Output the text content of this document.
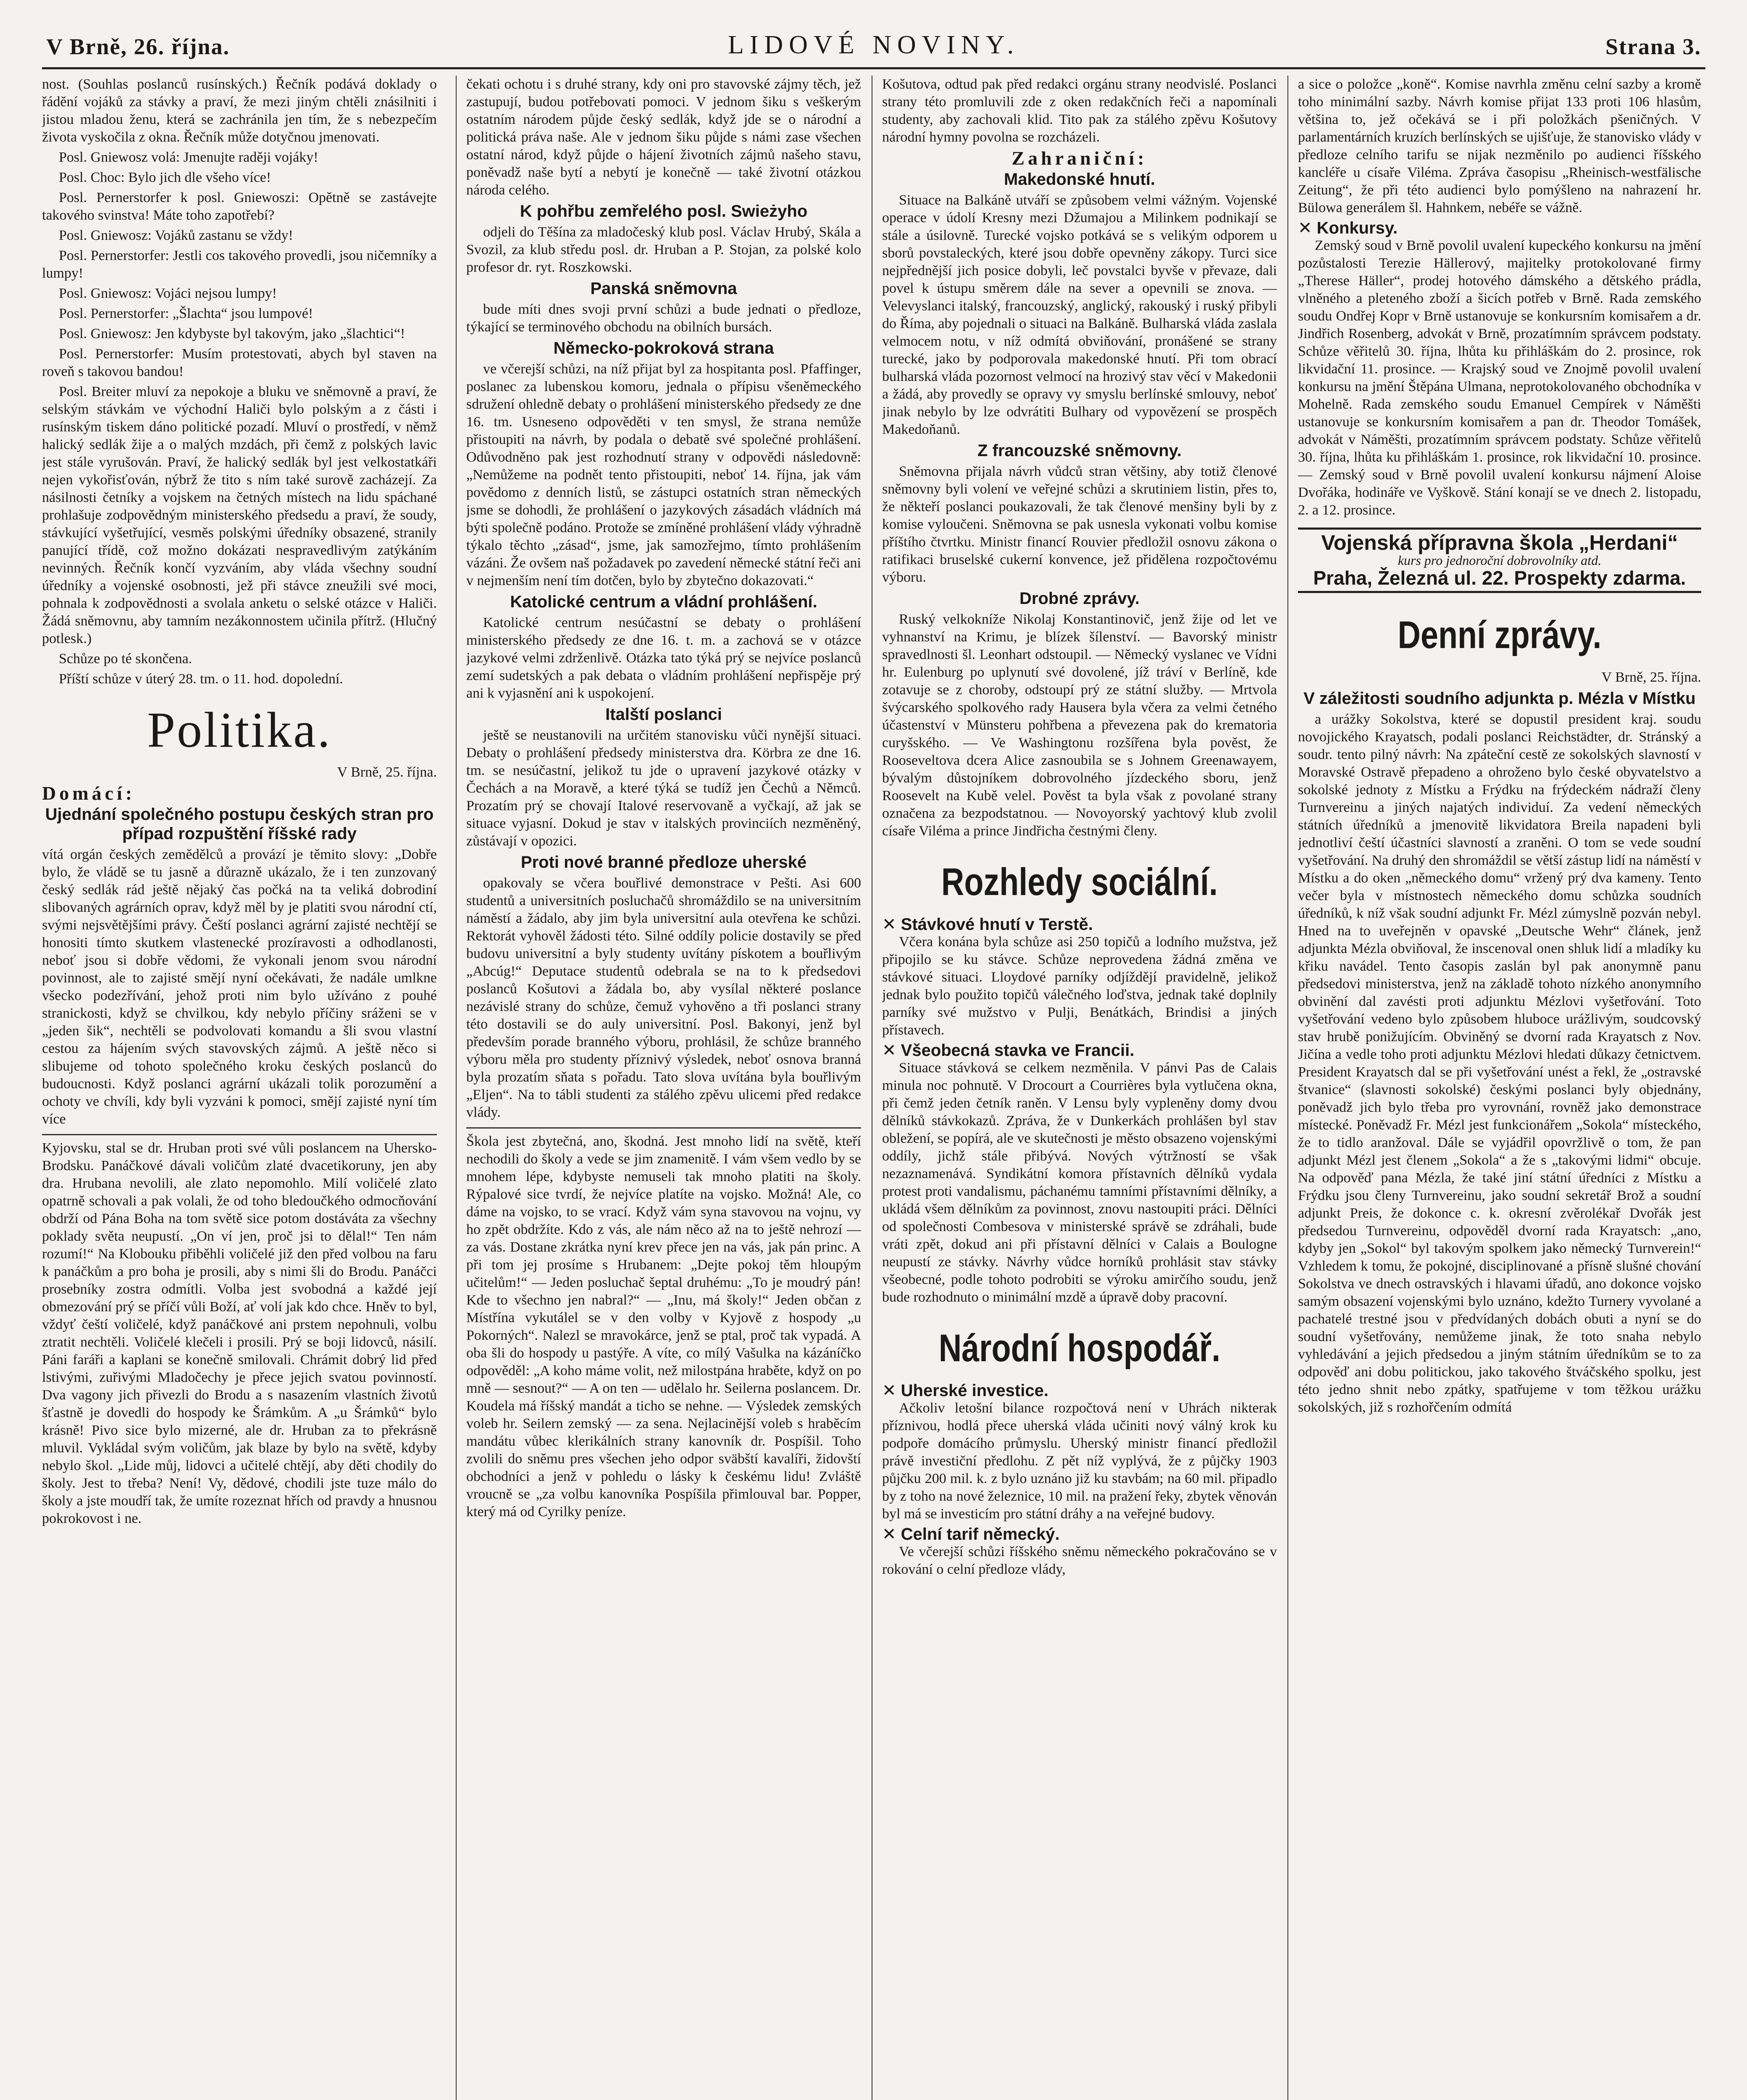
V Brně, 26. října.	LIDOVÉ NOVINY.	Strana 3.

nost. (Souhlas poslanců rusínských.) Řečník podává doklady o řádění vojáků za stávky a praví, že mezi jiným chtěli znásilniti i jistou mladou ženu, která se zachránila jen tím, že s nebezpečím života vyskočila z okna. Řečník může dotyčnou jmenovati.

Posl. Gniewosz volá: Jmenujte raději vojáky!

Posl. Choc: Bylo jich dle všeho více!

Posl. Pernerstorfer k posl. Gniewoszi: Opětně se zastávejte takového svinstva! Máte toho zapotřebí?

Posl. Gniewosz: Vojáků zastanu se vždy!

Posl. Pernerstorfer: Jestli cos takového provedli, jsou ničemníky a lumpy!

Posl. Gniewosz: Vojáci nejsou lumpy!

Posl. Pernerstorfer: „Šlachta“ jsou lumpové!

Posl. Gniewosz: Jen kdybyste byl takovým, jako „šlachtici“!

Posl. Pernerstorfer: Musím protestovati, abych byl staven na roveň s takovou bandou!

Posl. Breiter mluví za nepokoje a bluku ve sněmovně a praví, že selským stávkám ve východní Haliči bylo polským a z části i rusínským tiskem dáno politické pozadí. Mluví o prostředí, v němž halický sedlák žije a o malých mzdách, při čemž z polských lavic jest stále vyrušován. Praví, že halický sedlák byl jest velkostatkáři nejen vykořisťován, nýbrž že tito s ním také surově zacházejí. Za násilnosti četníky a vojskem na četných místech na lidu spáchané prohlašuje zodpovědným ministerského předsedu a praví, že soudy, stávkující vyšetřující, vesměs polskými úředníky obsazené, stranily panující třídě, což možno dokázati nespravedlivým zatýkáním nevinných. Řečník končí vyzváním, aby vláda všechny soudní úředníky a vojenské osobnosti, jež při stávce zneužili své moci, pohnala k zodpovědnosti a svolala anketu o selské otázce v Haliči. Žádá sněmovnu, aby tamním nezákonnostem učinila přítrž. (Hlučný potlesk.)

Schůze po té skončena.

Příští schůze v úterý 28. tm. o 11. hod. dopolední.

Politika.
V Brně, 25. října.
Domácí:
Ujednání společného postupu českých stran pro případ rozpuštění říšské rady

vítá orgán českých zemědělců a provází je těmito slovy: „Dobře bylo, že vládě se tu jasně a důrazně ukázalo, že i ten zunzovaný český sedlák rád ještě nějaký čas počká na ta veliká dobrodiní slibovaných agrárních oprav, když měl by je platiti svou národní ctí, svými nejsvětějšími právy. Čeští poslanci agrární zajisté nechtějí se honositi tímto skutkem vlastenecké prozíravosti a odhodlanosti, neboť jsou si dobře vědomi, že vykonali jenom svou národní povinnost, ale to zajisté smějí nyní očekávati, že nadále umlkne všecko podezřívání, jehož proti nim bylo užíváno z pouhé stranickosti, když se chvilkou, kdy nebylo příčiny sráženi se v „jeden šik“, nechtěli se podvolovati komandu a šli svou vlastní cestou za hájením svých stavovských zájmů. A ještě něco si slibujeme od tohoto společného kroku českých poslanců do budoucnosti. Když poslanci agrární ukázali tolik porozumění a ochoty ve chvíli, kdy byli vyzváni k pomoci, smějí zajisté nyní tím více

Kyjovsku, stal se dr. Hruban proti své vůli poslancem na Uhersko-Brodsku. Panáčkové dávali voličům zlaté dvacetikoruny, jen aby dra. Hrubana nevolili, ale zlato nepomohlo. Milí voličelé zlato opatrně schovali a pak volali, že od toho bledoučkého odmocňování obdrží od Pána Boha na tom světě sice potom dostáváta za všechny poklady světa neupustí. „On ví jen, proč jsi to dělal!“ Ten nám rozumí!“ Na Klobouku přiběhli voličelé již den před volbou na faru k panáčkům a pro boha je prosili, aby s nimi šli do Brodu. Panáčci prosebníky zostra odmítli. Volba jest svobodná a každé její obmezování prý se příčí vůli Boží, ať volí jak kdo chce. Hněv to byl, vždyť čeští voličelé, když panáčkové ani prstem nepohnuli, volbu ztratit nechtěli. Voličelé klečeli i prosili. Prý se boji lidovců, násilí. Páni faráři a kaplani se konečně smilovali. Chrámit dobrý lid před lstivými, zuřivými Mladočechy je přece jejich svatou povinností. Dva vagony jich přivezli do Brodu a s nasazením vlastních životů šťastně je dovedli do hospody ke Šrámkům. A „u Šrámků“ bylo krásně! Pivo sice bylo mizerné, ale dr. Hruban za to překrásně mluvil. Vykládal svým voličům, jak blaze by bylo na světě, kdyby nebylo škol. „Lide můj, lidovci a učitelé chtějí, aby děti chodily do školy. Jest to třeba? Není! Vy, dědové, chodili jste tuze málo do školy a jste moudří tak, že umíte rozeznat hřích od pravdy a hnusnou pokrokovost i ne.

čekati ochotu i s druhé strany, kdy oni pro stavovské zájmy těch, jež zastupují, budou potřebovati pomoci. V jednom šiku s veškerým ostatním národem půjde český sedlák, když jde se o národní a politická práva naše. Ale v jednom šiku půjde s námi zase všechen ostatní národ, když půjde o hájení životních zájmů našeho stavu, poněvadž naše bytí a nebytí je konečně — také životní otázkou národa celého.

K pohřbu zemřelého posl. Swieżyho

odjeli do Těšína za mladočeský klub posl. Václav Hrubý, Skála a Svozil, za klub středu posl. dr. Hruban a P. Stojan, za polské kolo profesor dr. ryt. Roszkowski.

Panská sněmovna

bude míti dnes svoji první schůzi a bude jednati o předloze, týkající se terminového obchodu na obilních bursách.

Německo-pokroková strana

ve včerejší schůzi, na níž přijat byl za hospitanta posl. Pfaffinger, poslanec za lubenskou komoru, jednala o přípisu všeněmeckého sdružení ohledně debaty o prohlášení ministerského předsedy ze dne 16. tm. Usneseno odpověděti v ten smysl, že strana nemůže přistoupiti na návrh, by podala o debatě své společné prohlášení. Odůvodněno pak jest rozhodnutí strany v odpovědi následovně: „Nemůžeme na podnět tento přistoupiti, neboť 14. října, jak vám povědomo z denních listů, se zástupci ostatních stran německých jsme se dohodli, že prohlášení o jazykových zásadách vládních má býti společně podáno. Protože se zmíněné prohlášení vlády výhradně týkalo těchto „zásad“, jsme, jak samozřejmo, tímto prohlášením vázáni. Že ovšem naš požadavek po zavedení německé státní řeči ani v nejmenším není tím dotčen, bylo by zbytečno dokazovati.“

Katolické centrum a vládní prohlášení.

Katolické centrum nesúčastní se debaty o prohlášení ministerského předsedy ze dne 16. t. m. a zachová se v otázce jazykové velmi zdrženlivě. Otázka tato týká prý se nejvíce poslanců zemí sudetských a pak debata o vládním prohlášení nepřispěje prý ani k vyjasnění ani k uspokojení.

Italští poslanci

ještě se neustanovili na určitém stanovisku vůči nynější situaci. Debaty o prohlášení předsedy ministerstva dra. Körbra ze dne 16. tm. se nesúčastní, jelikož tu jde o upravení jazykové otázky v Čechách a na Moravě, a které týká se tudíž jen Čechů a Němců. Prozatím prý se chovají Italové reservovaně a vyčkají, až jak se situace vyjasní. Dokud je stav v italských provinciích nezměněný, zůstávají v opozici.

Proti nové branné předloze uherské

opakovaly se včera bouřlivé demonstrace v Pešti. Asi 600 studentů a universitních posluchačů shromáždilo se na universitním náměstí a žádalo, aby jim byla universitní aula otevřena ke schůzi. Rektorát vyhověl žádosti této. Silné oddíly policie dostavily se před budovu universitní a byly studenty uvítány pískotem a bouřlivým „Abcúg!“ Deputace studentů odebrala se na to k předsedovi poslanců Košutovi a žádala bo, aby vysílal některé poslance nezávislé strany do schůze, čemuž vyhověno a tři poslanci strany této dostavili se do auly universitní. Posl. Bakonyi, jenž byl především porade branného výboru, prohlásil, že schůze branného výboru měla pro studenty příznivý výsledek, neboť osnova branná byla prozatím sňata s pořadu. Tato slova uvítána byla bouřlivým „Eljen“. Na to tábli studenti za stálého zpěvu ulicemi před redakce vlády.

Škola jest zbytečná, ano, škodná. Jest mnoho lidí na světě, kteří nechodili do školy a vede se jim znamenitě. I vám všem vedlo by se mnohem lépe, kdybyste nemuseli tak mnoho platiti na školy. Rýpalové sice tvrdí, že nejvíce platíte na vojsko. Možná! Ale, co dáme na vojsko, to se vrací. Když vám syna stavovou na vojnu, vy ho zpět obdržíte. Kdo z vás, ale nám něco až na to ještě nehrozí — za vás. Dostane zkrátka nyní krev přece jen na vás, jak pán princ. A při tom jej prosíme s Hrubanem: „Dejte pokoj těm hloupým učitelům!“ — Jeden posluchač šeptal druhému: „To je moudrý pán! Kde to všechno jen nabral?“ — „Inu, má školy!“ Jeden občan z Místřína vykutálel se v den volby v Kyjově z hospody „u Pokorných“. Nalezl se mravokárce, jenž se ptal, proč tak vypadá. A oba šli do hospody u pastýře. A víte, co mílý Vašulka na kázáníčko odpověděl: „A koho máme volit, než milostpána hraběte, když on po mně — sesnout?“ — A on ten — udělalo hr. Seilerna poslancem. Dr. Koudela má říšský mandát a ticho se nehne. — Výsledek zemských voleb hr. Seilern zemský — za sena. Nejlacinější voleb s hraběcím mandátu vůbec klerikálních strany kanovník dr. Pospíšil. Toho zvolili do sněmu pres všechen jeho odpor sväbští kavalíři, židovští obchodníci a jenž v pohledu o lásky k českému lidu! Zvláště vroucně se „za volbu kanovníka Pospíšila přimlouval bar. Popper, který má od Cyrilky peníze.

Košutova, odtud pak před redakci orgánu strany neodvislé. Poslanci strany této promluvili zde z oken redakčních řeči a napomínali studenty, aby zachovali klid. Tito pak za stálého zpěvu Košutovy národní hymny povolna se rozcházeli.

Zahraniční:
Makedonské hnutí.

Situace na Balkáně utváří se způsobem velmi vážným. Vojenské operace v údolí Kresny mezi Džumajou a Milinkem podnikají se stále a úsilovně. Turecké vojsko potkává se s velikým odporem u sborů povstaleckých, které jsou dobře opevněny zákopy. Turci sice nejpřednější jich posice dobyli, leč povstalci byvše v převaze, dali povel k ústupu směrem dále na sever a opevnili se znova. — Velevyslanci italský, francouzský, anglický, rakouský i ruský přibyli do Říma, aby pojednali o situaci na Balkáně. Bulharská vláda zaslala velmocem notu, v níž odmítá obviňování, pronášené se strany turecké, jako by podporovala makedonské hnutí. Při tom obrací bulharská vláda pozornost velmocí na hrozivý stav věcí v Makedonii a žádá, aby provedly se opravy vy smyslu berlínské smlouvy, neboť jinak nebylo by lze odvrátiti Bulhary od vypovězení se prospěch Makedoňanů.

Z francouzské sněmovny.

Sněmovna přijala návrh vůdců stran většiny, aby totiž členové sněmovny byli volení ve veřejné schůzi a skrutiniem listin, přes to, že někteří poslanci poukazovali, že tak členové menšiny byli by z komise vyloučeni. Sněmovna se pak usnesla vykonati volbu komise příštího čtvrtku. Ministr financí Rouvier předložil osnovu zákona o ratifikaci bruselské cukerní konvence, jež přidělena rozpočtovému výboru.

Drobné zprávy.

Ruský velkokníže Nikolaj Konstantinovič, jenž žije od let ve vyhnanství na Krimu, je blízek šílenství. — Bavorský ministr spravedlnosti šl. Leonhart odstoupil. — Německý vyslanec ve Vídni hr. Eulenburg po uplynutí své dovolené, jíž tráví v Berlíně, kde zotavuje se z choroby, odstoupí prý ze státní služby. — Mrtvola švýcarského spolkového rady Hausera byla včera za velmi četného účastenství v Münsteru pohřbena a převezena pak do krematoria curyšského. — Ve Washingtonu rozšířena byla pověst, že Rooseveltova dcera Alice zasnoubila se s Johnem Greenawayem, bývalým důstojníkem dobrovolného jízdeckého sboru, jenž Roosevelt na Kubě velel. Pověst ta byla však z povolané strany označena za bezpodstatnou. — Novoyorský yachtový klub zvolil císaře Viléma a prince Jindřicha čestnými členy.

Rozhledy sociální.
✕ Stávkové hnutí v Terstě.

Včera konána byla schůze asi 250 topičů a lodního mužstva, jež připojilo se ku stávce. Schůze neprovedena žádná změna ve stávkové situaci. Lloydové parníky odjíždějí pravidelně, jelikož jednak bylo použito topičů válečného loďstva, jednak také doplnily parníky své mužstvo v Pulji, Benátkách, Brindisi a jiných přístavech.

✕ Všeobecná stavka ve Francii.

Situace stávková se celkem nezměnila. V pánvi Pas de Calais minula noc pohnutě. V Drocourt a Courrières byla vytlučena okna, při čemž jeden četník raněn. V Lensu byly vypleněny domy dvou dělníků stávkokazů. Zpráva, že v Dunkerkách prohlášen byl stav obležení, se popírá, ale ve skutečnosti je město obsazeno vojenskými oddíly, jichž stále přibývá. Nových výtržností se však nezaznamenává. Syndikátní komora přístavních dělníků vydala protest proti vandalismu, páchanému tamními přístavními dělníky, a ukládá všem dělníkům za povinnost, znovu nastoupiti práci. Dělníci od společnosti Combesova v ministerské správě se zdráhali, bude vráti zpět, dokud ani při přístavní dělníci v Calais a Boulogne neupustí ze stávky. Návrhy vůdce horníků prohlásit stav stávky všeobecné, podle tohoto podrobiti se výroku amirčího soudu, jenž bude rozhodnuto o minimální mzdě a úpravě doby pracovní.

Národní hospodář.
✕ Uherské investice.

Ačkoliv letošní bilance rozpočtová není v Uhrách nikterak příznivou, hodlá přece uherská vláda učiniti nový válný krok ku podpoře domácího průmyslu. Uherský ministr financí předložil právě investiční předlohu. Z pět níž vyplývá, že z půjčky 1903 půjčku 200 mil. k. z bylo uznáno již ku stavbám; na 60 mil. připadlo by z toho na nové železnice, 10 mil. na pražení řeky, zbytek věnován byl má se investicím pro státní dráhy a na veřejné budovy.

✕ Celní tarif německý.

Ve včerejší schůzi říšského sněmu německého pokračováno se v rokování o celní předloze vlády,

a sice o položce „koně“. Komise navrhla změnu celní sazby a kromě toho minimální sazby. Návrh komise přijat 133 proti 106 hlasům, většina to, jež očekává se i při položkách pšeničných. V parlamentárních kruzích berlínských se ujišťuje, že stanovisko vlády v předloze celního tarifu se nijak nezměnilo po audienci říšského kancléře u císaře Viléma. Zpráva časopisu „Rheinisch-westfälische Zeitung“, že při této audienci bylo pomýšleno na nahrazení hr. Bülowa generálem šl. Hahnkem, nebéře se vážně.

✕ Konkursy.

Zemský soud v Brně povolil uvalení kupeckého konkursu na jmění pozůstalosti Terezie Hällerový, majitelky protokolované firmy „Therese Häller“, prodej hotového dámského a dětského prádla, vlněného a pleteného zboží a šicích potřeb v Brně. Rada zemského soudu Ondřej Kopr v Brně ustanovuje se konkursním komisařem a dr. Jindřich Rosenberg, advokát v Brně, prozatímním správcem podstaty. Schůze věřitelů 30. října, lhůta ku přihláškám do 2. prosince, rok likvidační 11. prosince. — Krajský soud ve Znojmě povolil uvalení konkursu na jmění Štěpána Ulmana, neprotokolovaného obchodníka v Mohelně. Rada zemského soudu Emanuel Cempírek v Náměšti ustanovuje se konkursním komisařem a pan dr. Theodor Tomášek, advokát v Náměšti, prozatímním správcem podstaty. Schůze věřitelů 30. října, lhůta ku přihláškám 1. prosince, rok likvidační 10. prosince. — Zemský soud v Brně povolil uvalení konkursu nájmení Aloise Dvořáka, hodináře ve Vyškově. Stání konají se ve dnech 2. listopadu, 2. a 12. prosince.

Vojenská přípravna škola „Herdani“
kurs pro jednoroční dobrovolníky atd.
Praha, Železná ul. 22. Prospekty zdarma.
Denní zprávy.
V Brně, 25. října.
V záležitosti soudního adjunkta p. Mézla v Místku

a urážky Sokolstva, které se dopustil president kraj. soudu novojického Krayatsch, podali poslanci Reichstädter, dr. Stránský a soudr. tento pilný návrh: Na zpáteční cestě ze sokolských slavností v Moravské Ostravě přepadeno a ohroženo bylo české obyvatelstvo a sokolské jednoty z Místku a Frýdku na frýdeckém nádraží členy Turnvereinu a jiných najatých individuí. Za vedení německých státních úředníků a jmenovitě likvidatora Breila napadeni byli jednotliví čeští účastníci slavností a zraněni. O tom se vede soudní vyšetřování. Na druhý den shromáždil se větší zástup lidí na náměstí v Místku a do oken „německého domu“ vržený prý dva kameny. Tento večer byla v místnostech německého domu schůzka soudních úředníků, k níž však soudní adjunkt Fr. Mézl zúmyslně pozván nebyl. Hned na to uveřejněn v opavské „Deutsche Wehr“ článek, jenž adjunkta Mézla obviňoval, že inscenoval onen shluk lidí a mladíky ku křiku navádel. Tento časopis zaslán byl pak anonymně panu předsedovi ministerstva, jenž na základě tohoto nízkého anonymního obvinění dal zavésti proti adjunktu Mézlovi vyšetřování. Toto vyšetřování vedeno bylo způsobem hluboce urážlivým, soudcovský stav hrubě ponižujícím. Obviněný se dvorní rada Krayatsch z Nov. Jičína a vedle toho proti adjunktu Mézlovi hledati důkazy četnictvem. President Krayatsch dal se při vyšetřování unést a řekl, že „ostravské štvanice“ (slavnosti sokolské) českými poslanci byly objednány, poněvadž jich bylo třeba pro vyrovnání, rovněž jako demonstrace místecké. Poněvadž Fr. Mézl jest funkcionářem „Sokola“ místeckého, že to tidlo aranžoval. Dále se vyjádřil opovržlivě o tom, že pan adjunkt Mézl jest členem „Sokola“ a že s „takovými lidmi“ obcuje. Na odpověď pana Mézla, že také jiní státní úředníci z Místku a Frýdku jsou členy Turnvereinu, jako soudní sekretář Brož a soudní adjunkt Preis, že dokonce c. k. okresní zvěrolékař Dvořák jest předsedou Turnvereinu, odpověděl dvorní rada Krayatsch: „ano, kdyby jen „Sokol“ byl takovým spolkem jako německý Turnverein!“ Vzhledem k tomu, že pokojné, disciplinované a přísně slušné chování Sokolstva ve dnech ostravských i hlavami úřadů, ano dokonce vojsko samým obsazení vojenskými bylo uznáno, kdežto Turnery vyvolané a pachatelé trestné jsou v předvídaných dobách obuti a nyní se do soudní vyšetřovány, nemůžeme jinak, že toto snaha nebylo vyhledávání a jejich předsedou a jiným státním úředníkům se to za odpověď ani dobu politickou, jako takového štváčského spolku, jest této jedno shnit nebo zpátky, spatřujeme v tom těžkou urážku sokolských, již s rozhořčením odmítá
